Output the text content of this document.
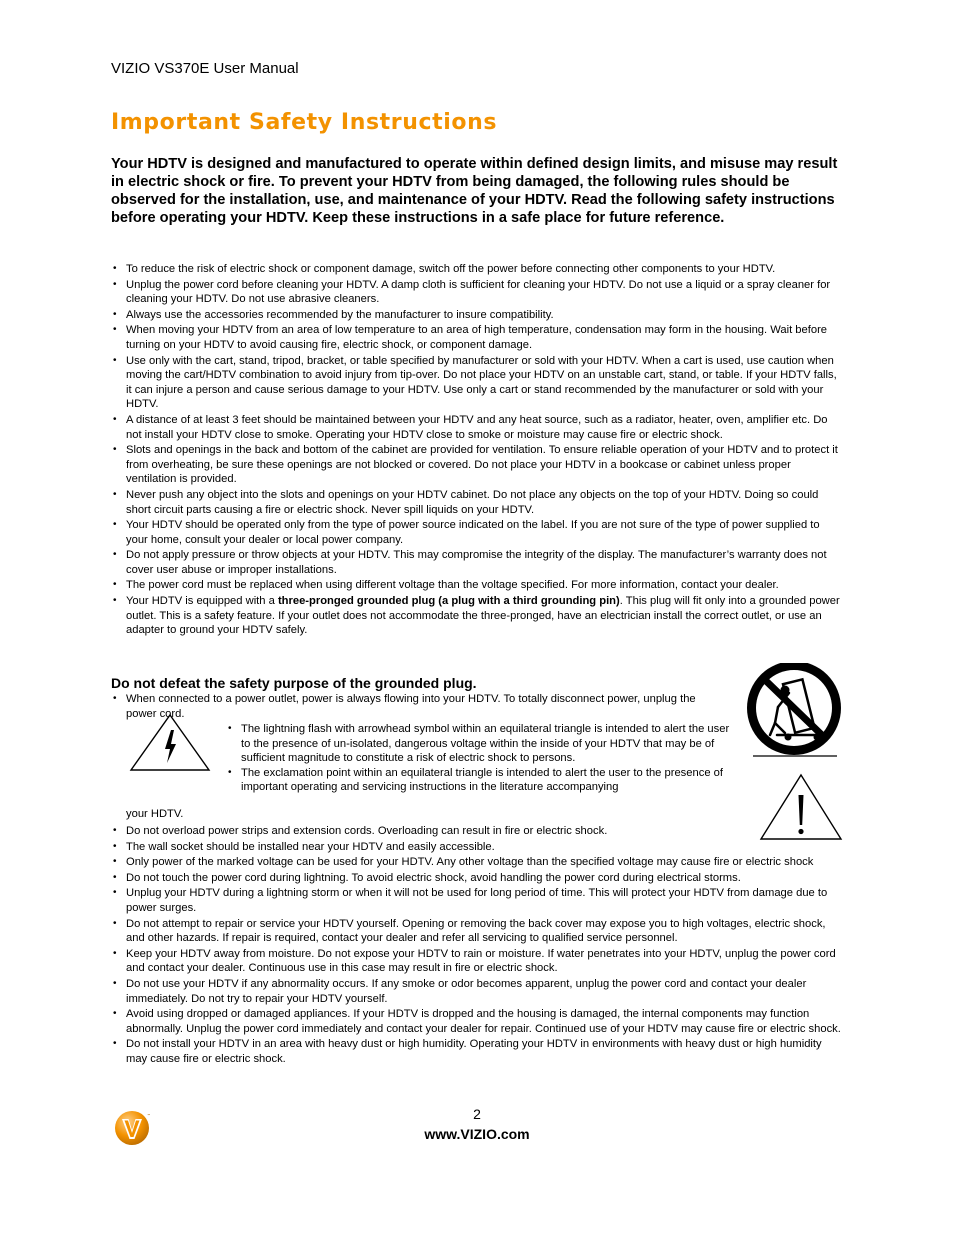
VIZIO VS370E User Manual
Important Safety Instructions

Your HDTV is designed and manufactured to operate within defined design limits, and misuse may result in electric shock or fire. To prevent your HDTV from being damaged, the following rules should be observed for the installation, use, and maintenance of your HDTV. Read the following safety instructions before operating your HDTV. Keep these instructions in a safe place for future reference.

• To reduce the risk of electric shock or component damage, switch off the power before connecting other components to your HDTV.
• Unplug the power cord before cleaning your HDTV. A damp cloth is sufficient for cleaning your HDTV. Do not use a liquid or a spray cleaner for cleaning your HDTV. Do not use abrasive cleaners.
• Always use the accessories recommended by the manufacturer to insure compatibility.
• When moving your HDTV from an area of low temperature to an area of high temperature, condensation may form in the housing. Wait before turning on your HDTV to avoid causing fire, electric shock, or component damage.
• Use only with the cart, stand, tripod, bracket, or table specified by manufacturer or sold with your HDTV. When a cart is used, use caution when moving the cart/HDTV combination to avoid injury from tip-over. Do not place your HDTV on an unstable cart, stand, or table. If your HDTV falls, it can injure a person and cause serious damage to your HDTV. Use only a cart or stand recommended by the manufacturer or sold with your HDTV.
• A distance of at least 3 feet should be maintained between your HDTV and any heat source, such as a radiator, heater, oven, amplifier etc. Do not install your HDTV close to smoke. Operating your HDTV close to smoke or moisture may cause fire or electric shock.
• Slots and openings in the back and bottom of the cabinet are provided for ventilation. To ensure reliable operation of your HDTV and to protect it from overheating, be sure these openings are not blocked or covered. Do not place your HDTV in a bookcase or cabinet unless proper ventilation is provided.
• Never push any object into the slots and openings on your HDTV cabinet. Do not place any objects on the top of your HDTV. Doing so could short circuit parts causing a fire or electric shock. Never spill liquids on your HDTV.
• Your HDTV should be operated only from the type of power source indicated on the label. If you are not sure of the type of power supplied to your home, consult your dealer or local power company.
• Do not apply pressure or throw objects at your HDTV. This may compromise the integrity of the display. The manufacturer’s warranty does not cover user abuse or improper installations.
• The power cord must be replaced when using different voltage than the voltage specified. For more information, contact your dealer.
• Your HDTV is equipped with a three-pronged grounded plug (a plug with a third grounding pin). This plug will fit only into a grounded power outlet. This is a safety feature. If your outlet does not accommodate the three-pronged, have an electrician install the correct outlet, or use an adapter to ground your HDTV safely.
Do not defeat the safety purpose of the grounded plug.
• When connected to a power outlet, power is always flowing into your HDTV. To totally disconnect power, unplug the power cord.
• The lightning flash with arrowhead symbol within an equilateral triangle is intended to alert the user to the presence of un-isolated, dangerous voltage within the inside of your HDTV that may be of sufficient magnitude to constitute a risk of electric shock to persons.
• The exclamation point within an equilateral triangle is intended to alert the user to the presence of important operating and servicing instructions in the literature accompanying
your HDTV.
• Do not overload power strips and extension cords. Overloading can result in fire or electric shock.
• The wall socket should be installed near your HDTV and easily accessible.
• Only power of the marked voltage can be used for your HDTV. Any other voltage than the specified voltage may cause fire or electric shock
• Do not touch the power cord during lightning. To avoid electric shock, avoid handling the power cord during electrical storms.
• Unplug your HDTV during a lightning storm or when it will not be used for long period of time. This will protect your HDTV from damage due to power surges.
• Do not attempt to repair or service your HDTV yourself. Opening or removing the back cover may expose you to high voltages, electric shock, and other hazards. If repair is required, contact your dealer and refer all servicing to qualified service personnel.
• Keep your HDTV away from moisture. Do not expose your HDTV to rain or moisture. If water penetrates into your HDTV, unplug the power cord and contact your dealer. Continuous use in this case may result in fire or electric shock.
• Do not use your HDTV if any abnormality occurs. If any smoke or odor becomes apparent, unplug the power cord and contact your dealer immediately. Do not try to repair your HDTV yourself.
• Avoid using dropped or damaged appliances. If your HDTV is dropped and the housing is damaged, the internal components may function abnormally. Unplug the power cord immediately and contact your dealer for repair. Continued use of your HDTV may cause fire or electric shock.
• Do not install your HDTV in an area with heavy dust or high humidity. Operating your HDTV in environments with heavy dust or high humidity may cause fire or electric shock.
™	2
www.VIZIO.com
